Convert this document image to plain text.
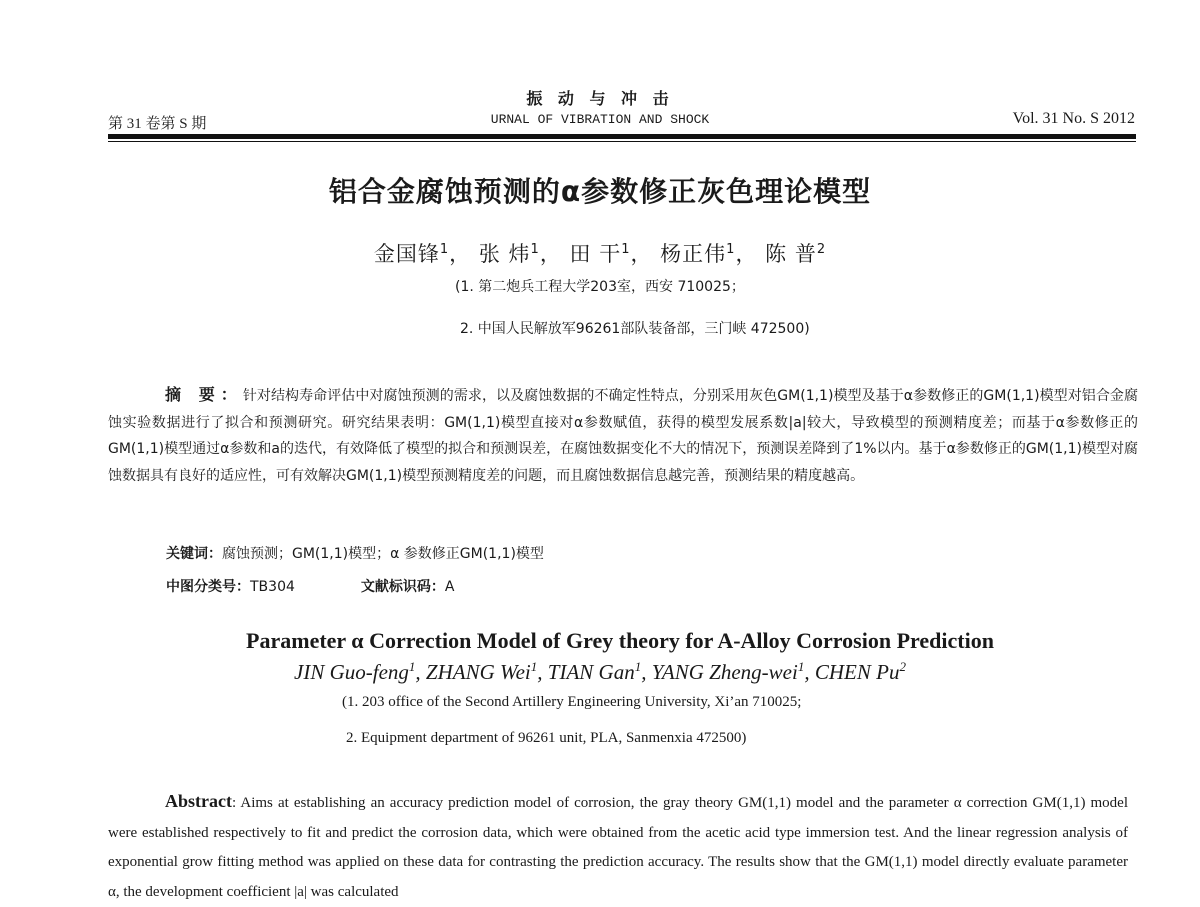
第 31 卷第 S 期
振 动 与 冲 击
URNAL OF VIBRATION AND SHOCK	Vol. 31 No. S 2012
铝合金腐蚀预测的α参数修正灰色理论模型
金国锋$^1$， 张 炜$^1$， 田 干$^1$， 杨正伟$^1$， 陈 普$^2$
(1. 第二炮兵工程大学203室，西安 710025；
2. 中国人民解放军96261部队装备部，三门峡 472500)
摘 要：针对结构寿命评估中对腐蚀预测的需求，以及腐蚀数据的不确定性特点，分别采用灰色GM(1,1)模型及基于α参数修正的GM(1,1)模型对铝合金腐蚀实验数据进行了拟合和预测研究。研究结果表明：GM(1,1)模型直接对α参数赋值，获得的模型发展系数|a|较大，导致模型的预测精度差；而基于α参数修正的GM(1,1)模型通过α参数和a的迭代，有效降低了模型的拟合和预测误差，在腐蚀数据变化不大的情况下，预测误差降到了1%以内。基于α参数修正的GM(1,1)模型对腐蚀数据具有良好的适应性，可有效解决GM(1,1)模型预测精度差的问题，而且腐蚀数据信息越完善，预测结果的精度越高。
关键词：腐蚀预测；GM(1,1)模型；α 参数修正GM(1,1)模型
中图分类号：TB304	文献标识码：A
Parameter α Correction Model of Grey theory for A-Alloy Corrosion Prediction
JIN Guo-feng$^1$, ZHANG Wei$^1$, TIAN Gan$^1$, YANG Zheng-wei$^1$, CHEN Pu$^2$
(1. 203 office of the Second Artillery Engineering University, Xi’an 710025;
2. Equipment department of 96261 unit, PLA, Sanmenxia 472500)
Abstract: Aims at establishing an accuracy prediction model of corrosion, the gray theory GM(1,1) model and the parameter α correction GM(1,1) model were established respectively to fit and predict the corrosion data, which were obtained from the acetic acid type immersion test. And the linear regression analysis of exponential grow fitting method was applied on these data for contrasting the prediction accuracy. The results show that the GM(1,1) model directly evaluate parameter α, the development coefficient |a| was calculated
